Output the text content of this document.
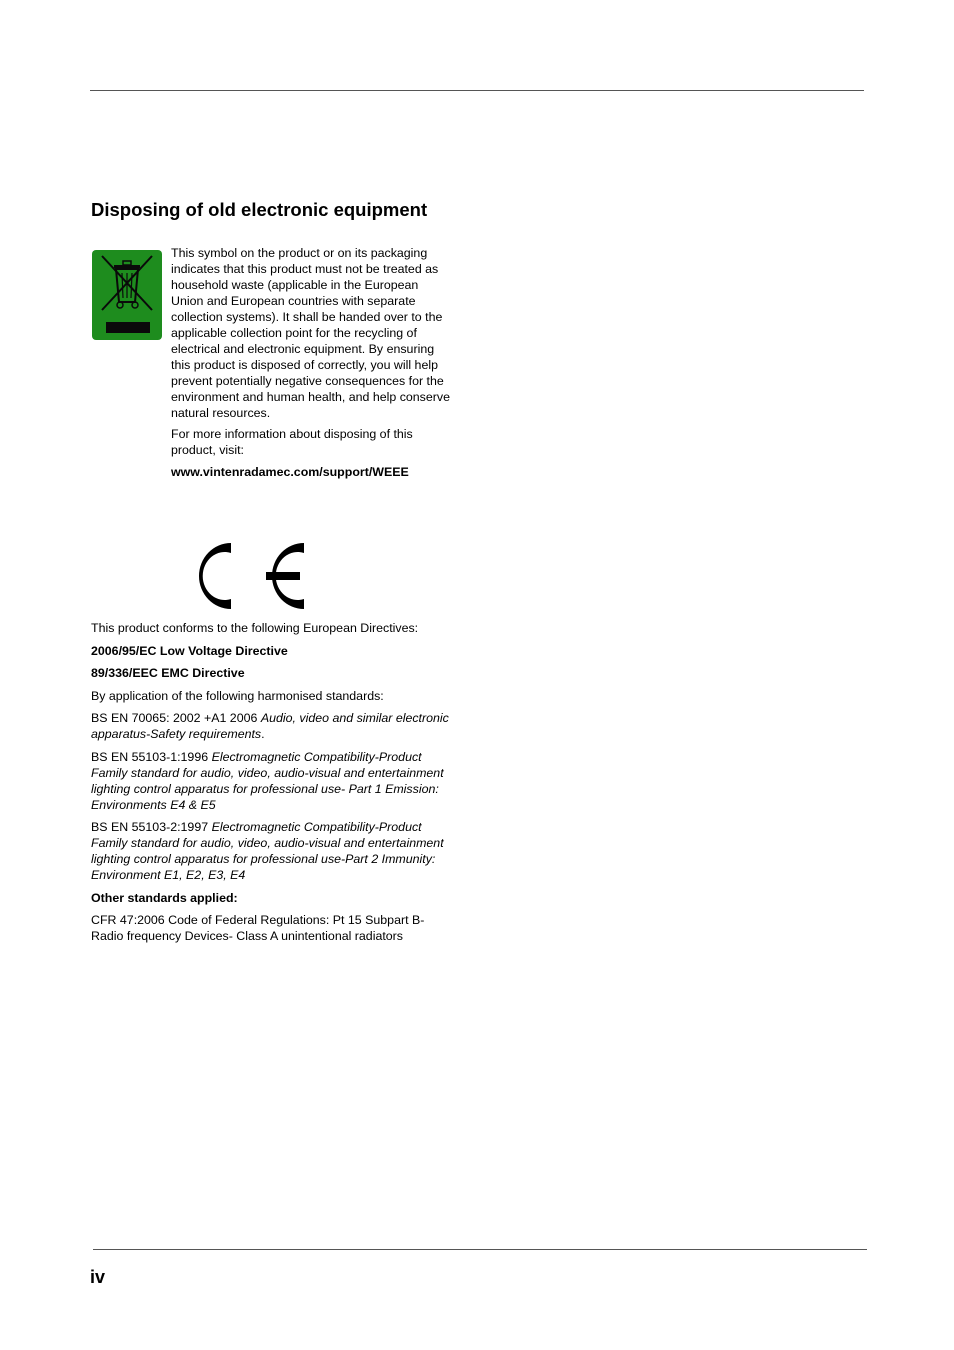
Disposing of old electronic equipment

This symbol on the product or on its packaging indicates that this product must not be treated as household waste (applicable in the European Union and European countries with separate collection systems). It shall be handed over to the applicable collection point for the recycling of electrical and electronic equipment. By ensuring this product is disposed of correctly, you will help prevent potentially negative consequences for the environment and human health, and help conserve natural resources.

For more information about disposing of this product, visit:

www.vintenradamec.com/support/WEEE

This product conforms to the following European Directives:

2006/95/EC Low Voltage Directive

89/336/EEC EMC Directive

By application of the following harmonised standards:

BS EN 70065: 2002 +A1 2006 Audio, video and similar electronic apparatus-Safety requirements.

BS EN 55103-1:1996 Electromagnetic Compatibility-Product Family standard for audio, video, audio-visual and entertainment lighting control apparatus for professional use- Part 1 Emission: Environments E4 & E5

BS EN 55103-2:1997 Electromagnetic Compatibility-Product Family standard for audio, video, audio-visual and entertainment lighting control apparatus for professional use-Part 2 Immunity: Environment E1, E2, E3, E4

Other standards applied:

CFR 47:2006 Code of Federal Regulations: Pt 15 Subpart B- Radio frequency Devices- Class A unintentional radiators

iv
